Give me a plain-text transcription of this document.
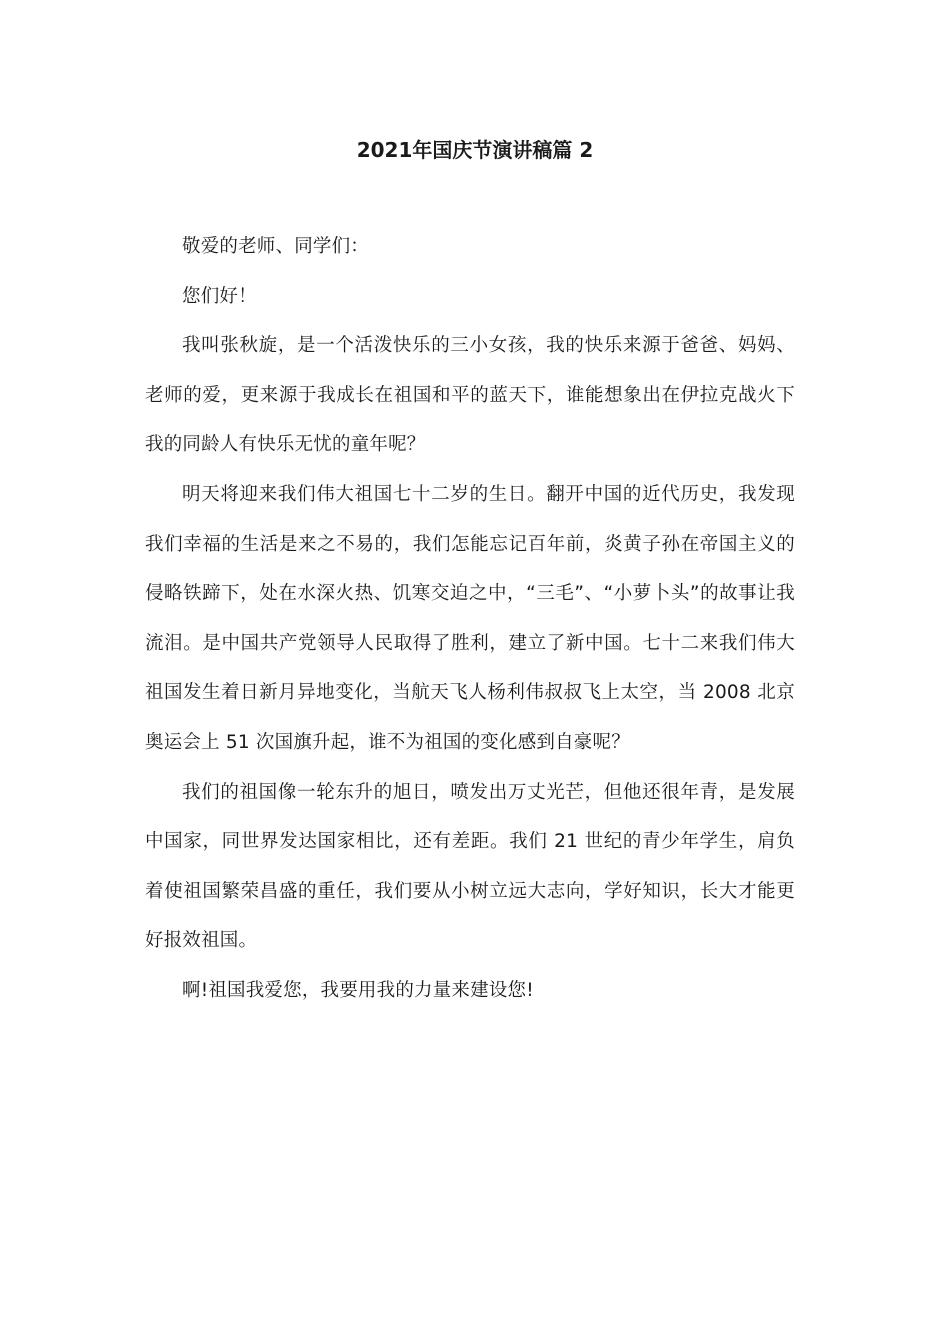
2021年国庆节演讲稿篇 2

敬爱的老师、同学们：

您们好！

我叫张秋旋，是一个活泼快乐的三小女孩，我的快乐来源于爸爸、妈妈、老师的爱，更来源于我成长在祖国和平的蓝天下，谁能想象出在伊拉克战火下我的同龄人有快乐无忧的童年呢？

明天将迎来我们伟大祖国七十二岁的生日。翻开中国的近代历史，我发现我们幸福的生活是来之不易的，我们怎能忘记百年前，炎黄子孙在帝国主义的侵略铁蹄下，处在水深火热、饥寒交迫之中，“三毛”、“小萝卜头”的故事让我流泪。是中国共产党领导人民取得了胜利，建立了新中国。七十二来我们伟大祖国发生着日新月异地变化，当航天飞人杨利伟叔叔飞上太空，当 2008 北京奥运会上 51 次国旗升起，谁不为祖国的变化感到自豪呢？

我们的祖国像一轮东升的旭日，喷发出万丈光芒，但他还很年青，是发展中国家，同世界发达国家相比，还有差距。我们 21 世纪的青少年学生，肩负着使祖国繁荣昌盛的重任，我们要从小树立远大志向，学好知识，长大才能更好报效祖国。

啊!祖国我爱您，我要用我的力量来建设您!
